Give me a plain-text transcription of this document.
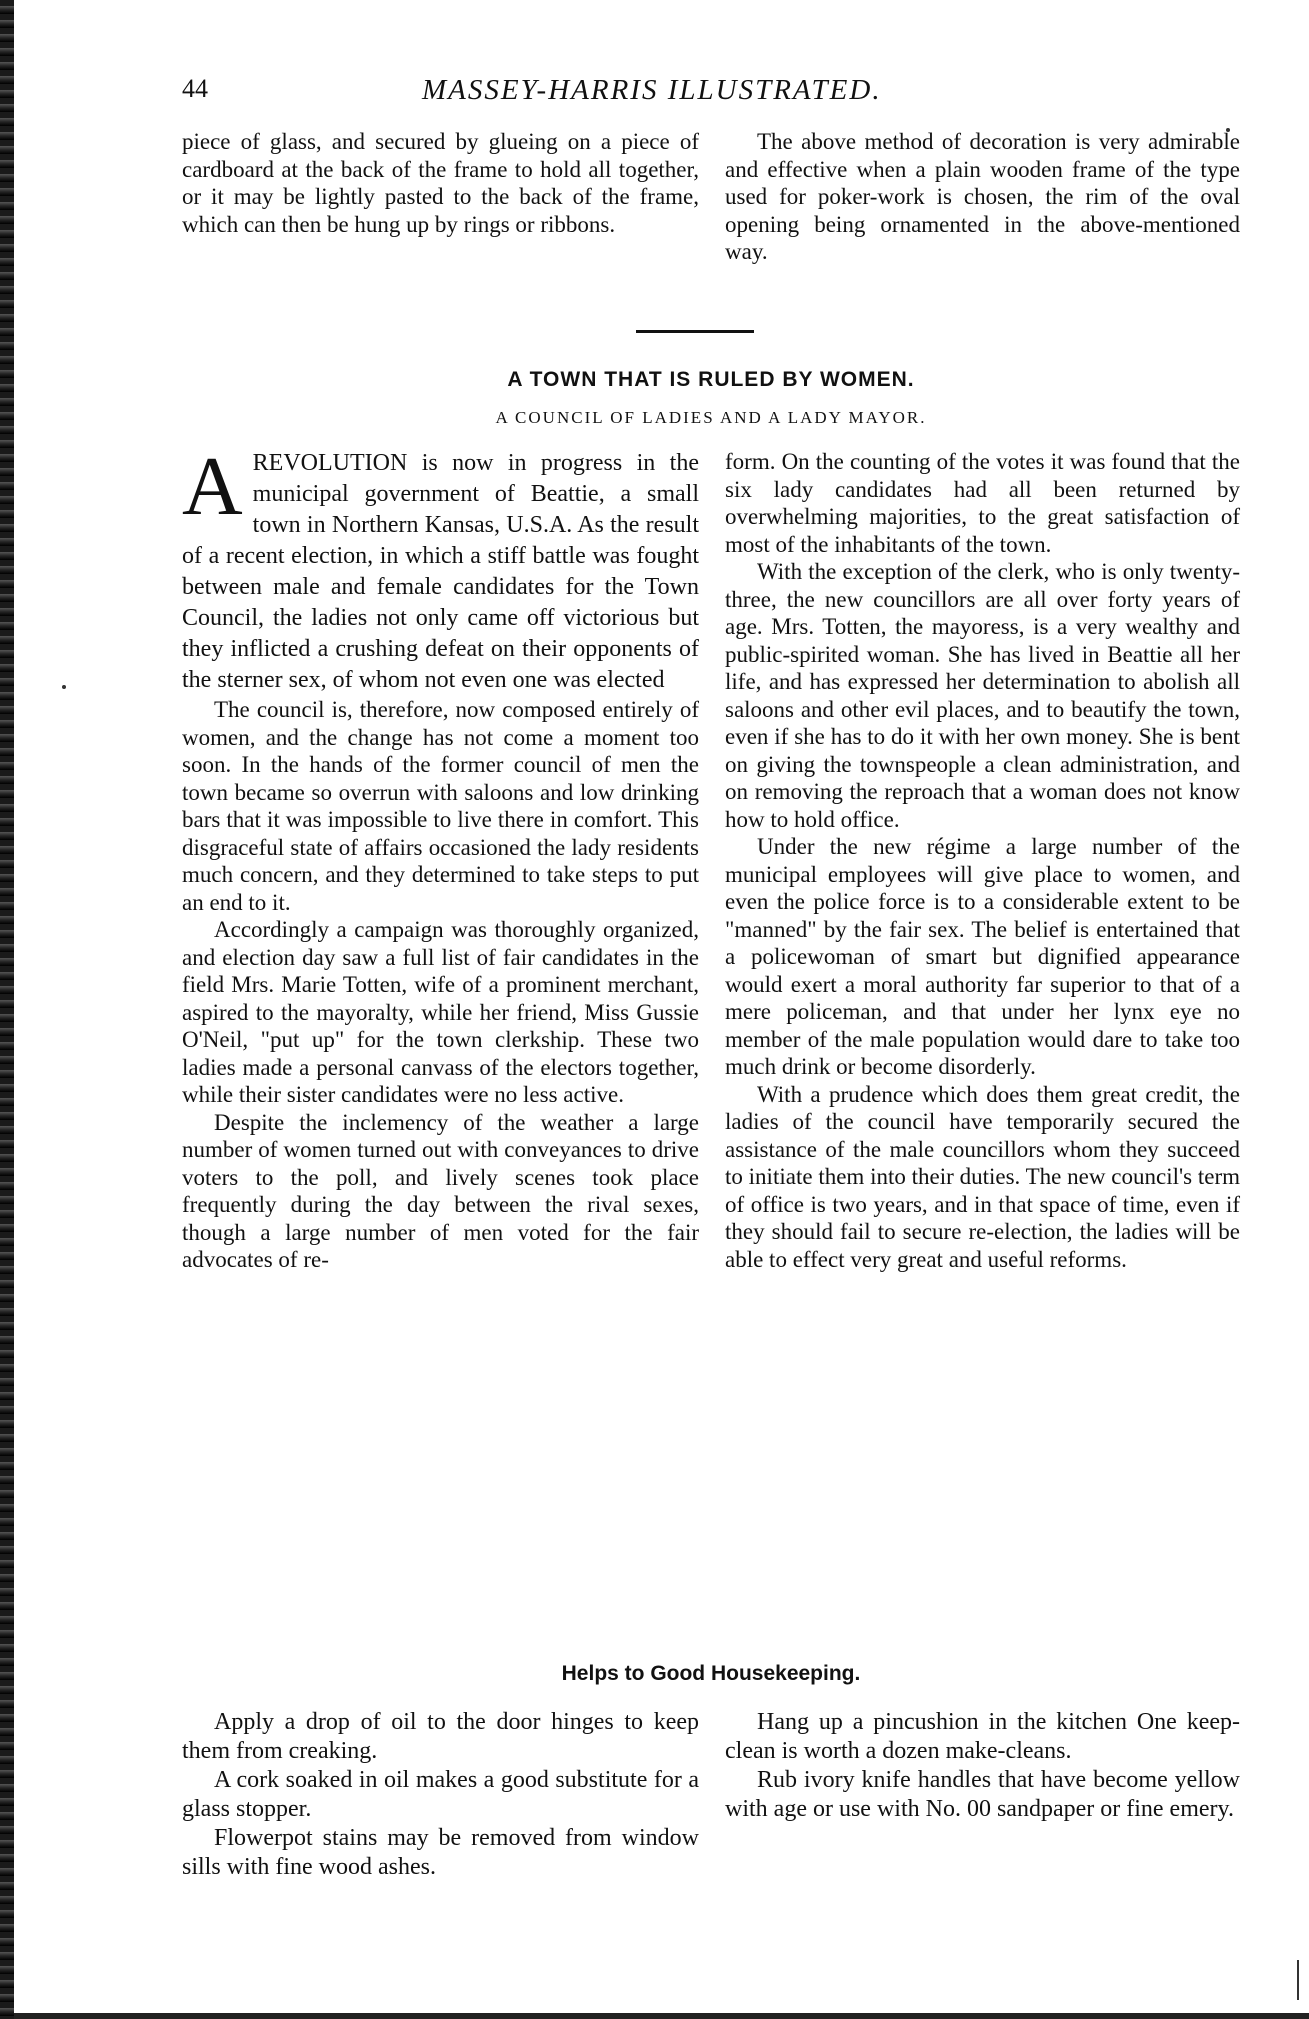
44	MASSEY-HARRIS ILLUSTRATED.

piece of glass, and secured by glueing on a piece of cardboard at the back of the frame to hold all together, or it may be lightly pasted to the back of the frame, which can then be hung up by rings or ribbons.

The above method of decoration is very admirable and effective when a plain wooden frame of the type used for poker-work is chosen, the rim of the oval opening being ornamented in the above-mentioned way.

A TOWN THAT IS RULED BY WOMEN.
A COUNCIL OF LADIES AND A LADY MAYOR.

AREVOLUTION is now in progress in the municipal government of Beattie, a small town in Northern Kansas, U.S.A. As the result of a recent election, in which a stiff battle was fought between male and female candidates for the Town Council, the ladies not only came off victorious but they inflicted a crushing defeat on their opponents of the sterner sex, of whom not even one was elected

The council is, therefore, now composed entirely of women, and the change has not come a moment too soon. In the hands of the former council of men the town became so overrun with saloons and low drinking bars that it was impossible to live there in comfort. This disgraceful state of affairs occasioned the lady residents much concern, and they determined to take steps to put an end to it.

Accordingly a campaign was thoroughly organized, and election day saw a full list of fair candidates in the field Mrs. Marie Totten, wife of a prominent merchant, aspired to the mayoralty, while her friend, Miss Gussie O'Neil, "put up" for the town clerkship. These two ladies made a personal canvass of the electors together, while their sister candidates were no less active.

Despite the inclemency of the weather a large number of women turned out with conveyances to drive voters to the poll, and lively scenes took place frequently during the day between the rival sexes, though a large number of men voted for the fair advocates of re-

form. On the counting of the votes it was found that the six lady candidates had all been returned by overwhelming majorities, to the great satisfaction of most of the inhabitants of the town.

With the exception of the clerk, who is only twenty-three, the new councillors are all over forty years of age. Mrs. Totten, the mayoress, is a very wealthy and public-spirited woman. She has lived in Beattie all her life, and has expressed her determination to abolish all saloons and other evil places, and to beautify the town, even if she has to do it with her own money. She is bent on giving the townspeople a clean administration, and on removing the reproach that a woman does not know how to hold office.

Under the new régime a large number of the municipal employees will give place to women, and even the police force is to a considerable extent to be "manned" by the fair sex. The belief is entertained that a policewoman of smart but dignified appearance would exert a moral authority far superior to that of a mere policeman, and that under her lynx eye no member of the male population would dare to take too much drink or become disorderly.

With a prudence which does them great credit, the ladies of the council have temporarily secured the assistance of the male councillors whom they succeed to initiate them into their duties. The new council's term of office is two years, and in that space of time, even if they should fail to secure re-election, the ladies will be able to effect very great and useful reforms.

Helps to Good Housekeeping.

Apply a drop of oil to the door hinges to keep them from creaking.

A cork soaked in oil makes a good substitute for a glass stopper.

Flowerpot stains may be removed from window sills with fine wood ashes.

Hang up a pincushion in the kitchen One keep-clean is worth a dozen make-cleans.

Rub ivory knife handles that have become yellow with age or use with No. 00 sandpaper or fine emery.
